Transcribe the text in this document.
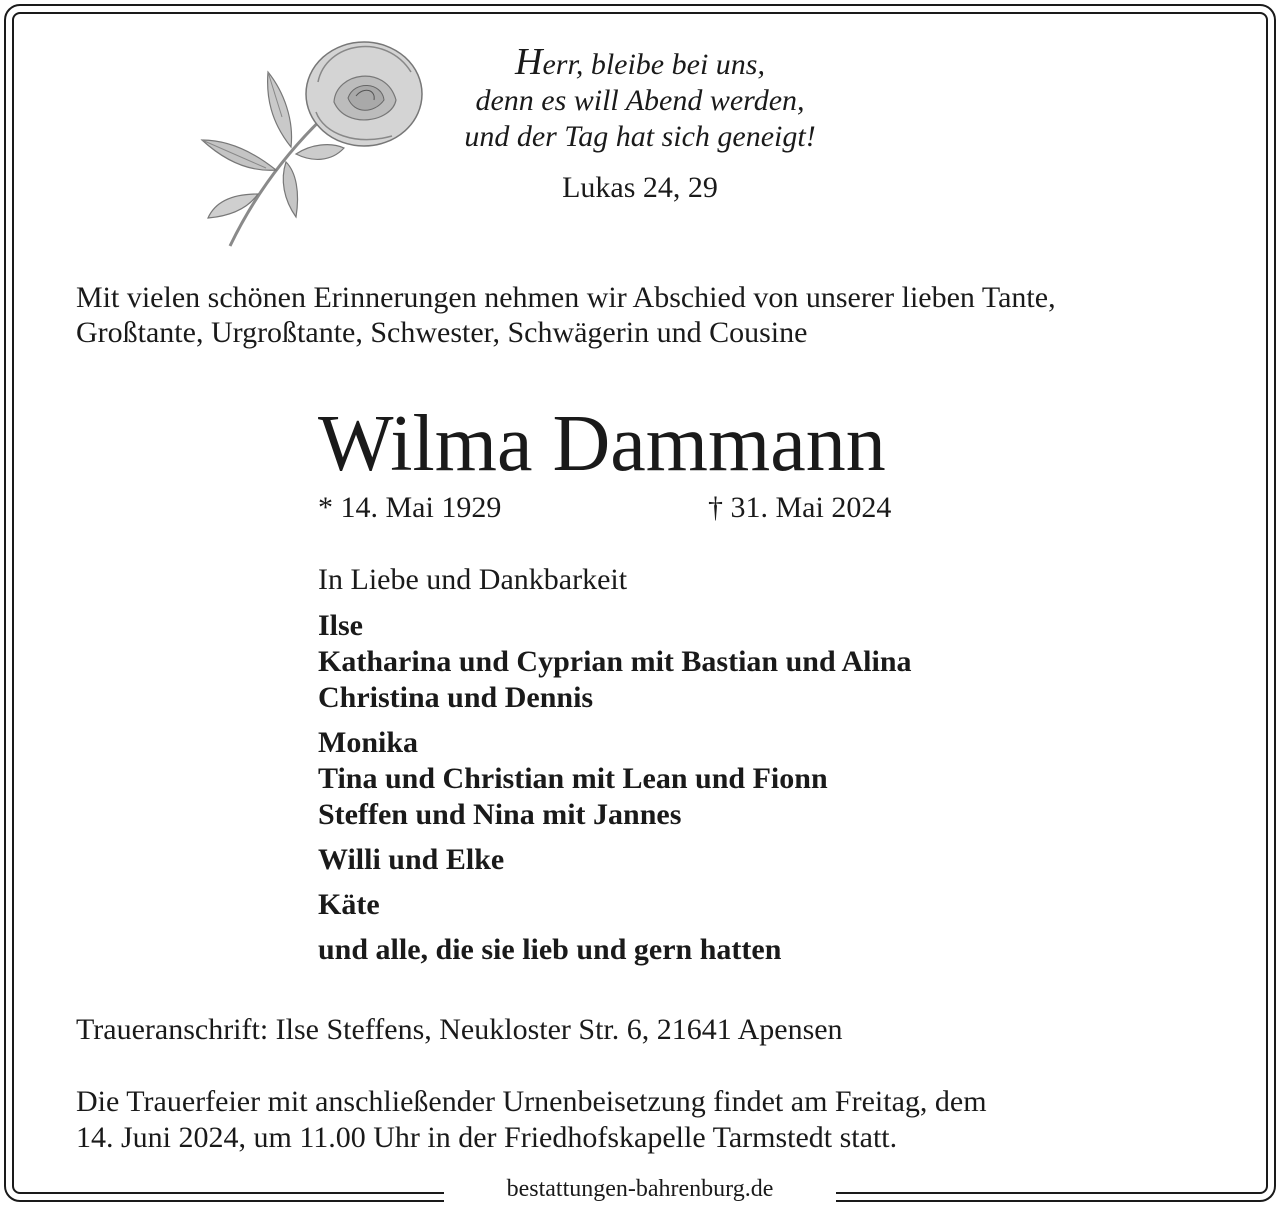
bestattungen-bahrenburg.de
Herr, bleibe bei uns,
denn es will Abend werden,
und der Tag hat sich geneigt!
Lukas 24, 29
Mit vielen schönen Erinnerungen nehmen wir Abschied von unserer lieben Tante,
Großtante, Urgroßtante, Schwester, Schwägerin und Cousine
Wilma Dammann
* 14. Mai 1929	† 31. Mai 2024
In Liebe und Dankbarkeit
Ilse
Katharina und Cyprian mit Bastian und Alina
Christina und Dennis
Monika
Tina und Christian mit Lean und Fionn
Steffen und Nina mit Jannes
Willi und Elke
Käte
und alle, die sie lieb und gern hatten
Traueranschrift: Ilse Steffens, Neukloster Str. 6, 21641 Apensen
Die Trauerfeier mit anschließender Urnenbeisetzung findet am Freitag, dem
14. Juni 2024, um 11.00 Uhr in der Friedhofskapelle Tarmstedt statt.
